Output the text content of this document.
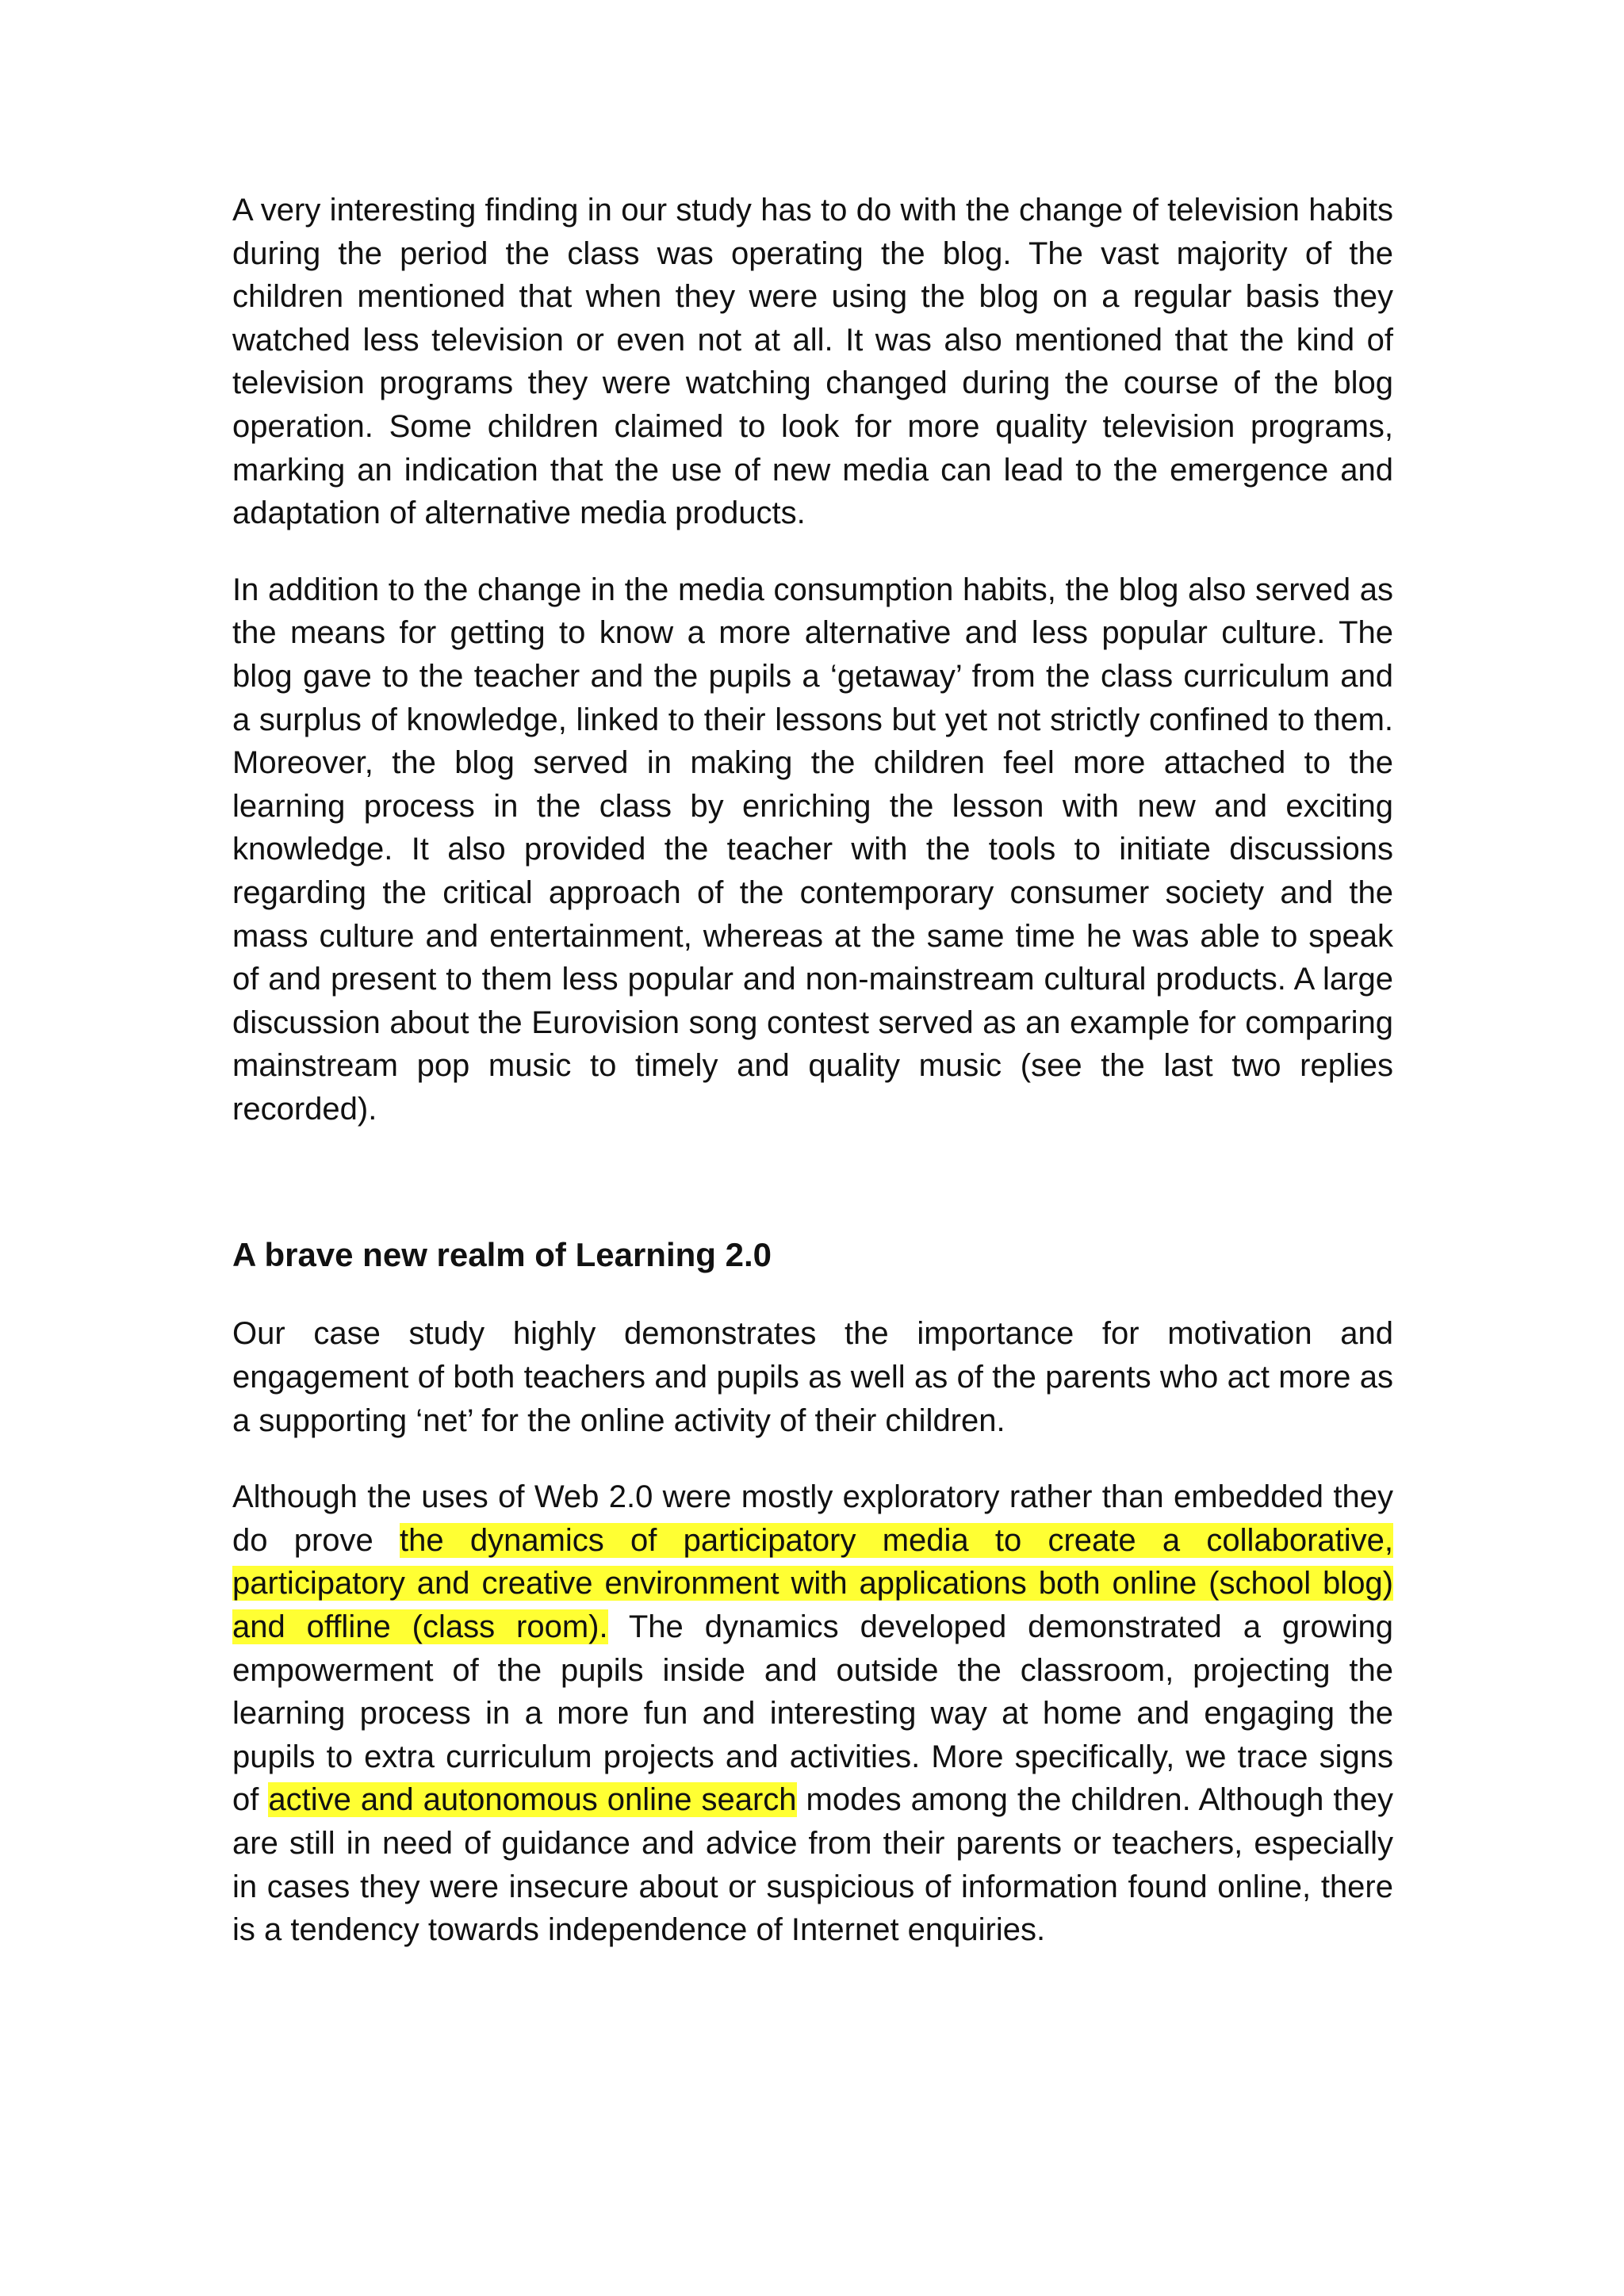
A very interesting finding in our study has to do with the change of television habits during the period the class was operating the blog. The vast majority of the children mentioned that when they were using the blog on a regular basis they watched less television or even not at all. It was also mentioned that the kind of television programs they were watching changed during the course of the blog operation. Some children claimed to look for more quality television programs, marking an indication that the use of new media can lead to the emergence and adaptation of alternative media products.

In addition to the change in the media consumption habits, the blog also served as the means for getting to know a more alternative and less popular culture. The blog gave to the teacher and the pupils a ‘getaway’ from the class curriculum and a surplus of knowledge, linked to their lessons but yet not strictly confined to them. Moreover, the blog served in making the children feel more attached to the learning process in the class by enriching the lesson with new and exciting knowledge. It also provided the teacher with the tools to initiate discussions regarding the critical approach of the contemporary consumer society and the mass culture and entertainment, whereas at the same time he was able to speak of and present to them less popular and non-mainstream cultural products. A large discussion about the Eurovision song contest served as an example for comparing mainstream pop music to timely and quality music (see the last two replies recorded).

A brave new realm of Learning 2.0

Our case study highly demonstrates the importance for motivation and engagement of both teachers and pupils as well as of the parents who act more as a supporting ‘net’ for the online activity of their children.

Although the uses of Web 2.0 were mostly exploratory rather than embedded they do prove the dynamics of participatory media to create a collaborative, participatory and creative environment with applications both online (school blog) and offline (class room). The dynamics developed demonstrated a growing empowerment of the pupils inside and outside the classroom, projecting the learning process in a more fun and interesting way at home and engaging the pupils to extra curriculum projects and activities. More specifically, we trace signs of active and autonomous online search modes among the children. Although they are still in need of guidance and advice from their parents or teachers, especially in cases they were insecure about or suspicious of information found online, there is a tendency towards independence of Internet enquiries.
